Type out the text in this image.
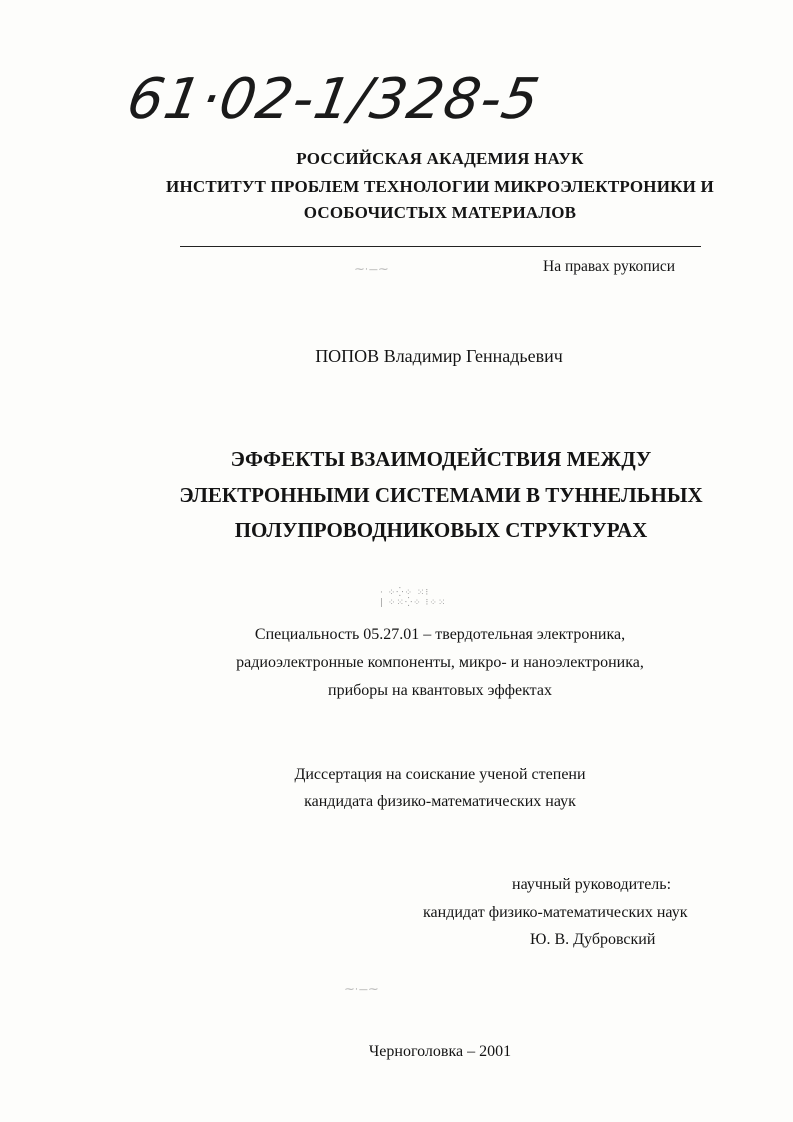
61·02-1/328-5
РОССИЙСКАЯ АКАДЕМИЯ НАУК
ИНСТИТУТ ПРОБЛЕМ ТЕХНОЛОГИИ МИКРОЭЛЕКТРОНИКИ И
ОСОБОЧИСТЫХ МАТЕРИАЛОВ
⁓·—⁓	На правах рукописи
ПОПОВ Владимир Геннадьевич
ЭФФЕКТЫ ВЗАИМОДЕЙСТВИЯ МЕЖДУ
ЭЛЕКТРОННЫМИ СИСТЕМАМИ В ТУННЕЛЬНЫХ
ПОЛУПРОВОДНИКОВЫХ СТРУКТУРАХ
· ⁘⁛⁘ ⁙⁝
| ⁘⁙⁛⁘ ⁝⁘⁙
Специальность 05.27.01 – твердотельная электроника,
радиоэлектронные компоненты, микро- и наноэлектроника,
приборы на квантовых эффектах
Диссертация на соискание ученой степени
кандидата физико-математических наук
научный руководитель:
кандидат физико-математических наук
Ю. В. Дубровский
⁓·—⁓
Черноголовка – 2001
